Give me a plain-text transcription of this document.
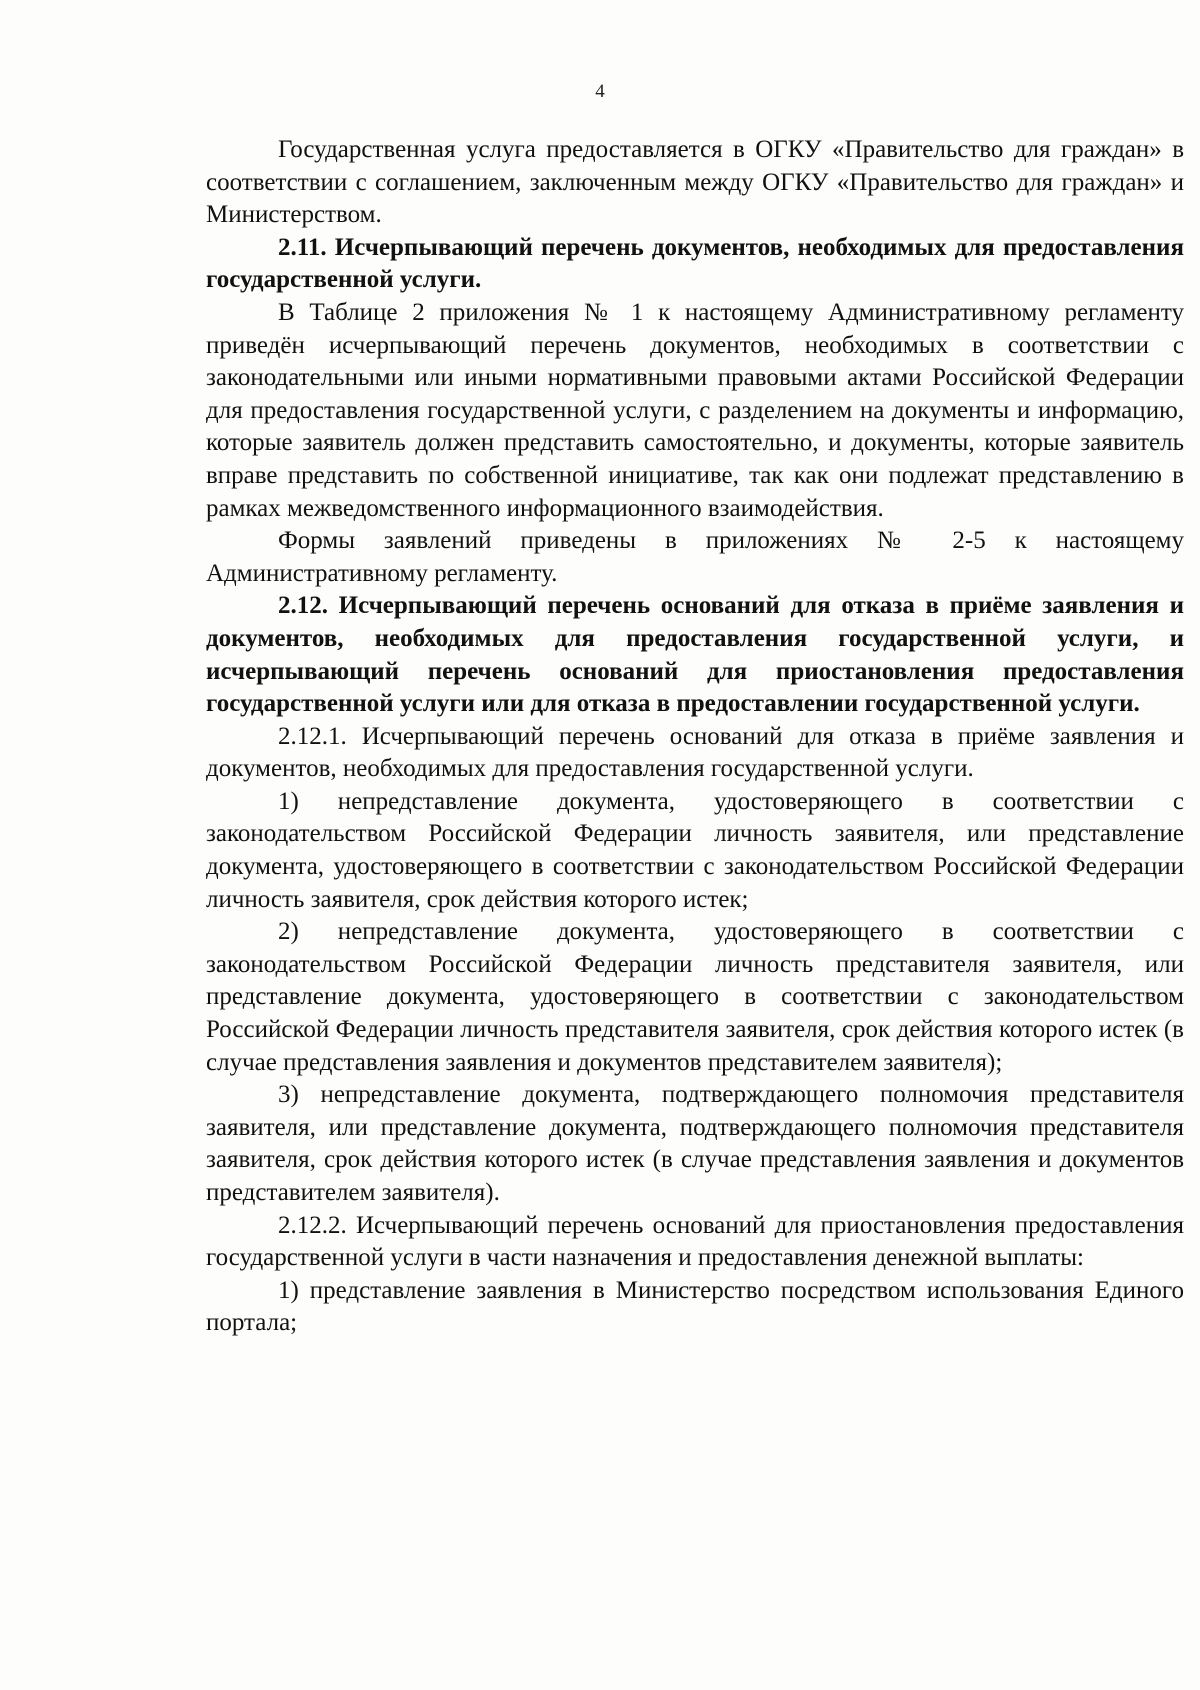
4

Государственная услуга предоставляется в ОГКУ «Правительство для граждан» в соответствии с соглашением, заключенным между ОГКУ «Правительство для граждан» и Министерством.

2.11. Исчерпывающий перечень документов, необходимых для предоставления государственной услуги.

В Таблице 2 приложения № 1 к настоящему Административному регламенту приведён исчерпывающий перечень документов, необходимых в соответствии с законодательными или иными нормативными правовыми актами Российской Федерации для предоставления государственной услуги, с разделением на документы и информацию, которые заявитель должен представить самостоятельно, и документы, которые заявитель вправе представить по собственной инициативе, так как они подлежат представлению в рамках межведомственного информационного взаимодействия.

Формы заявлений приведены в приложениях № 2-5 к настоящему Административному регламенту.

2.12. Исчерпывающий перечень оснований для отказа в приёме заявления и документов, необходимых для предоставления государственной услуги, и исчерпывающий перечень оснований для приостановления предоставления государственной услуги или для отказа в предоставлении государственной услуги.

2.12.1. Исчерпывающий перечень оснований для отказа в приёме заявления и документов, необходимых для предоставления государственной услуги.

1) непредставление документа, удостоверяющего в соответствии с законодательством Российской Федерации личность заявителя, или представление документа, удостоверяющего в соответствии с законодательством Российской Федерации личность заявителя, срок действия которого истек;

2) непредставление документа, удостоверяющего в соответствии с законодательством Российской Федерации личность представителя заявителя, или представление документа, удостоверяющего в соответствии с законодательством Российской Федерации личность представителя заявителя, срок действия которого истек (в случае представления заявления и документов представителем заявителя);

3) непредставление документа, подтверждающего полномочия представителя заявителя, или представление документа, подтверждающего полномочия представителя заявителя, срок действия которого истек (в случае представления заявления и документов представителем заявителя).

2.12.2. Исчерпывающий перечень оснований для приостановления предоставления государственной услуги в части назначения и предоставления денежной выплаты:

1) представление заявления в Министерство посредством использования Единого портала;
